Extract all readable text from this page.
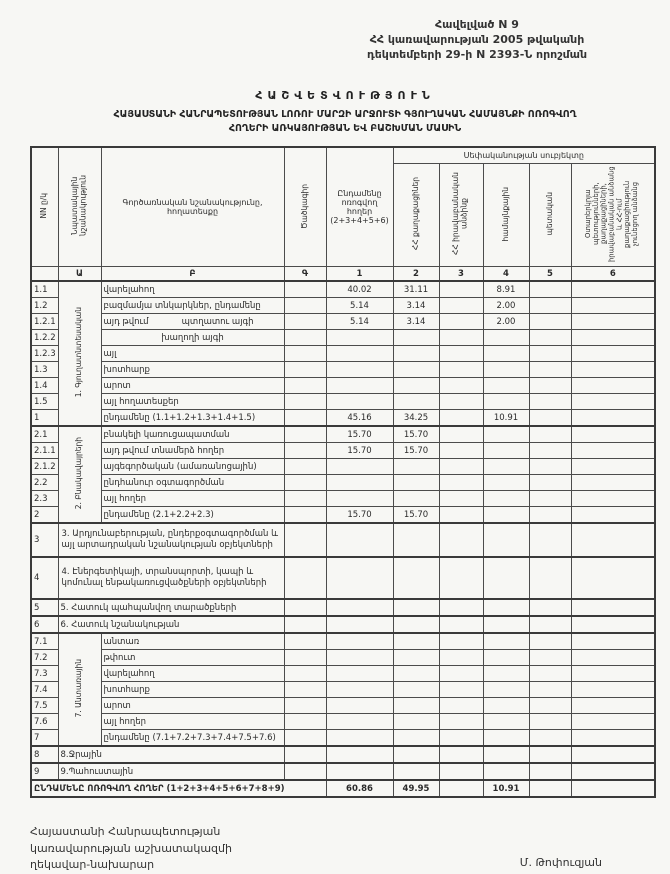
Հավելված N 9
ՀՀ կառավարության 2005 թվականի
դեկտեմբերի 29-ի N 2393-Ն որոշման
ՀԱՇՎԵՏՎՈՒԹՅՈՒՆ
ՀԱՅԱՍՏԱՆԻ ՀԱՆՐԱՊԵՏՈՒԹՅԱՆ ԼՈՌՈՒ ՄԱՐԶԻ ԱՐՋՈՒՏԻ ԳՅՈՒՂԱԿԱՆ ՀԱՄԱՅՆՔԻ ՈՌՈԳՎՈՂ
ՀՈՂԵՐԻ ԱՌԿԱՅՈՒԹՅԱՆ ԵՎ ԲԱՇԽՄԱՆ ՄԱՍԻՆ
NN ը/կ	Նպատակային նշանակություն	Գործառնական նշանակությունը, հողատեսքը	Ծածկագիր	Ընդամենը ոռոգվող հողեր (2+3+4+5+6)	Սեփականության սուբյեկտը				
					ՀՀ քաղաքացիներ	ՀՀ իրավաբանական անձինք	համայնքային	պետական	Օտարերկրյա պետությունների, քաղաքացիների, իրավաբանական անձանց և ՀՀ-ում քաղաքացիություն չունեցող անձանց
	Ա	Բ	Գ	1	2	3	4	5	6
1.1	1. Գյուղատնտեսական	վարելահող		40.02	31.11		8.91		
1.2		բազմամյա տնկարկներ, ընդամենը		5.14	3.14		2.00		
1.2.1		այդ թվում պտղատու այգի		5.14	3.14		2.00		
1.2.2		խաղողի այգի							
1.2.3		այլ							
1.3		խոտհարք							
1.4		արոտ							
1.5		այլ հողատեսքեր							
1		ընդամենը (1.1+1.2+1.3+1.4+1.5)		45.16	34.25		10.91		
2.1	2. Բնակավայրերի	բնակելի կառուցապատման		15.70	15.70				
2.1.1		այդ թվում տնամերձ հողեր		15.70	15.70				
2.1.2		այգեգործական (ամառանոցային)							
2.2		ընդհանուր օգտագործման							
2.3		այլ հողեր							
2		ընդամենը (2.1+2.2+2.3)		15.70	15.70				
3	3. Արդյունաբերության, ընդերքօգտագործման և այլ արտադրական նշանակության օբյեկտների								
4	4. Էներգետիկայի, տրանսպորտի, կապի և կոմունալ ենթակառուցվածքների օբյեկտների								
5	5. Հատուկ պահպանվող տարածքների								
6	6. Հատուկ նշանակության								
7.1	7. Անտառային	անտառ							
7.2		թփուտ							
7.3		վարելահող							
7.4		խոտհարք							
7.5		արոտ							
7.6		այլ հողեր							
7		ընդամենը (7.1+7.2+7.3+7.4+7.5+7.6)							
8	8.Ջրային								
9	9.Պահուստային								
ԸՆԴԱՄԵՆԸ ՈՌՈԳՎՈՂ ՀՈՂԵՐ (1+2+3+4+5+6+7+8+9)				60.86	49.95		10.91		
Հայաստանի Հանրապետության
կառավարության աշխատակազմի
ղեկավար-նախարար	Մ. Թոփուզյան
